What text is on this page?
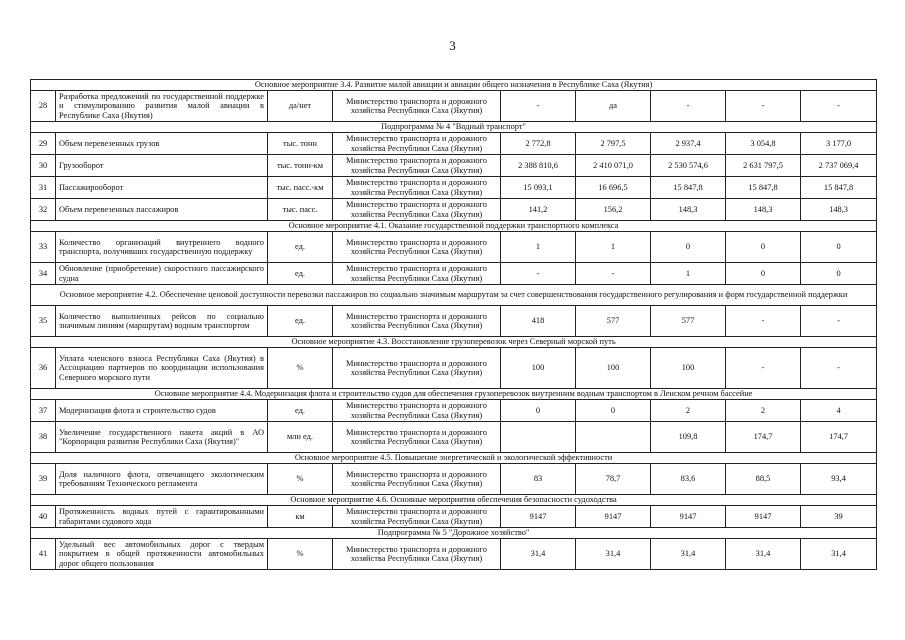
3
Основное мероприятие 3.4. Развитие малой авиации и авиации общего назначения в Республике Саха (Якутия)								
28	Разработка предложений по государственной поддержке и стимулированию развития малой авиации в Республике Саха (Якутия)	да/нет	Министерство транспорта и дорожного хозяйства Республики Саха (Якутия)	-	да	-	-	-
Подпрограмма № 4 "Водный транспорт"								
29	Объем перевезенных грузов	тыс. тонн	Министерство транспорта и дорожного хозяйства Республики Саха (Якутия)	2 772,8	2 797,5	2 937,4	3 054,8	3 177,0
30	Грузооборот	тыс. тонн-км	Министерство транспорта и дорожного хозяйства Республики Саха (Якутия)	2 388 810,6	2 410 071,0	2 530 574,6	2 631 797,5	2 737 069,4
31	Пассажирооборот	тыс. пасс.-км	Министерство транспорта и дорожного хозяйства Республики Саха (Якутия)	15 093,1	16 696,5	15 847,8	15 847,8	15 847,8
32	Объем перевезенных пассажиров	тыс. пасс.	Министерство транспорта и дорожного хозяйства Республики Саха (Якутия)	141,2	156,2	148,3	148,3	148,3
Основное мероприятие 4.1. Оказание государственной поддержки транспортного комплекса								
33	Количество организаций внутреннего водного транспорта, получивших государственную поддержку	ед.	Министерство транспорта и дорожного хозяйства Республики Саха (Якутия)	1	1	0	0	0
34	Обновление (приобретение) скоростного пассажирского судна	ед.	Министерство транспорта и дорожного хозяйства Республики Саха (Якутия)	-	-	1	0	0
Основное мероприятие 4.2. Обеспечение ценовой доступности перевозки пассажиров по социально значимым маршрутам за счет совершенствования государственного регулирования и форм государственной поддержки								
35	Количество выполненных рейсов по социально значимым линиям (маршрутам) водным транспортом	ед.	Министерство транспорта и дорожного хозяйства Республики Саха (Якутия)	418	577	577	-	-
Основное мероприятие 4.3. Восстановление грузоперевозок через Северный морской путь								
36	Уплата членского взноса Республики Саха (Якутия) в Ассоциацию партнеров по координации использования Северного морского пути	%	Министерство транспорта и дорожного хозяйства Республики Саха (Якутия)	100	100	100	-	-
Основное мероприятие 4.4. Модернизация флота и строительство судов для обеспечения грузоперевозок внутренним водным транспортом в Ленском речном бассейне								
37	Модернизация флота и строительство судов	ед.	Министерство транспорта и дорожного хозяйства Республики Саха (Якутия)	0	0	2	2	4
38	Увеличение государственного пакета акций в АО "Корпорация развития Республики Саха (Якутия)"	млн ед.	Министерство транспорта и дорожного хозяйства Республики Саха (Якутия)			109,8	174,7	174,7
Основное мероприятие 4.5. Повышение энергетической и экологической эффективности								
39	Доля наличного флота, отвечающего экологическим требованиям Технического регламента	%	Министерство транспорта и дорожного хозяйства Республики Саха (Якутия)	83	78,7	83,6	88,5	93,4
Основное мероприятие 4.6. Основные мероприятия обеспечения безопасности судоходства								
40	Протяженность водных путей с гарантированными габаритами судового хода	км	Министерство транспорта и дорожного хозяйства Республики Саха (Якутия)	9147	9147	9147	9147	39
Подпрограмма № 5 "Дорожное хозяйство"								
41	Удельный вес автомобильных дорог с твердым покрытием в общей протяженности автомобильных дорог общего пользования	%	Министерство транспорта и дорожного хозяйства Республики Саха (Якутия)	31,4	31,4	31,4	31,4	31,4
